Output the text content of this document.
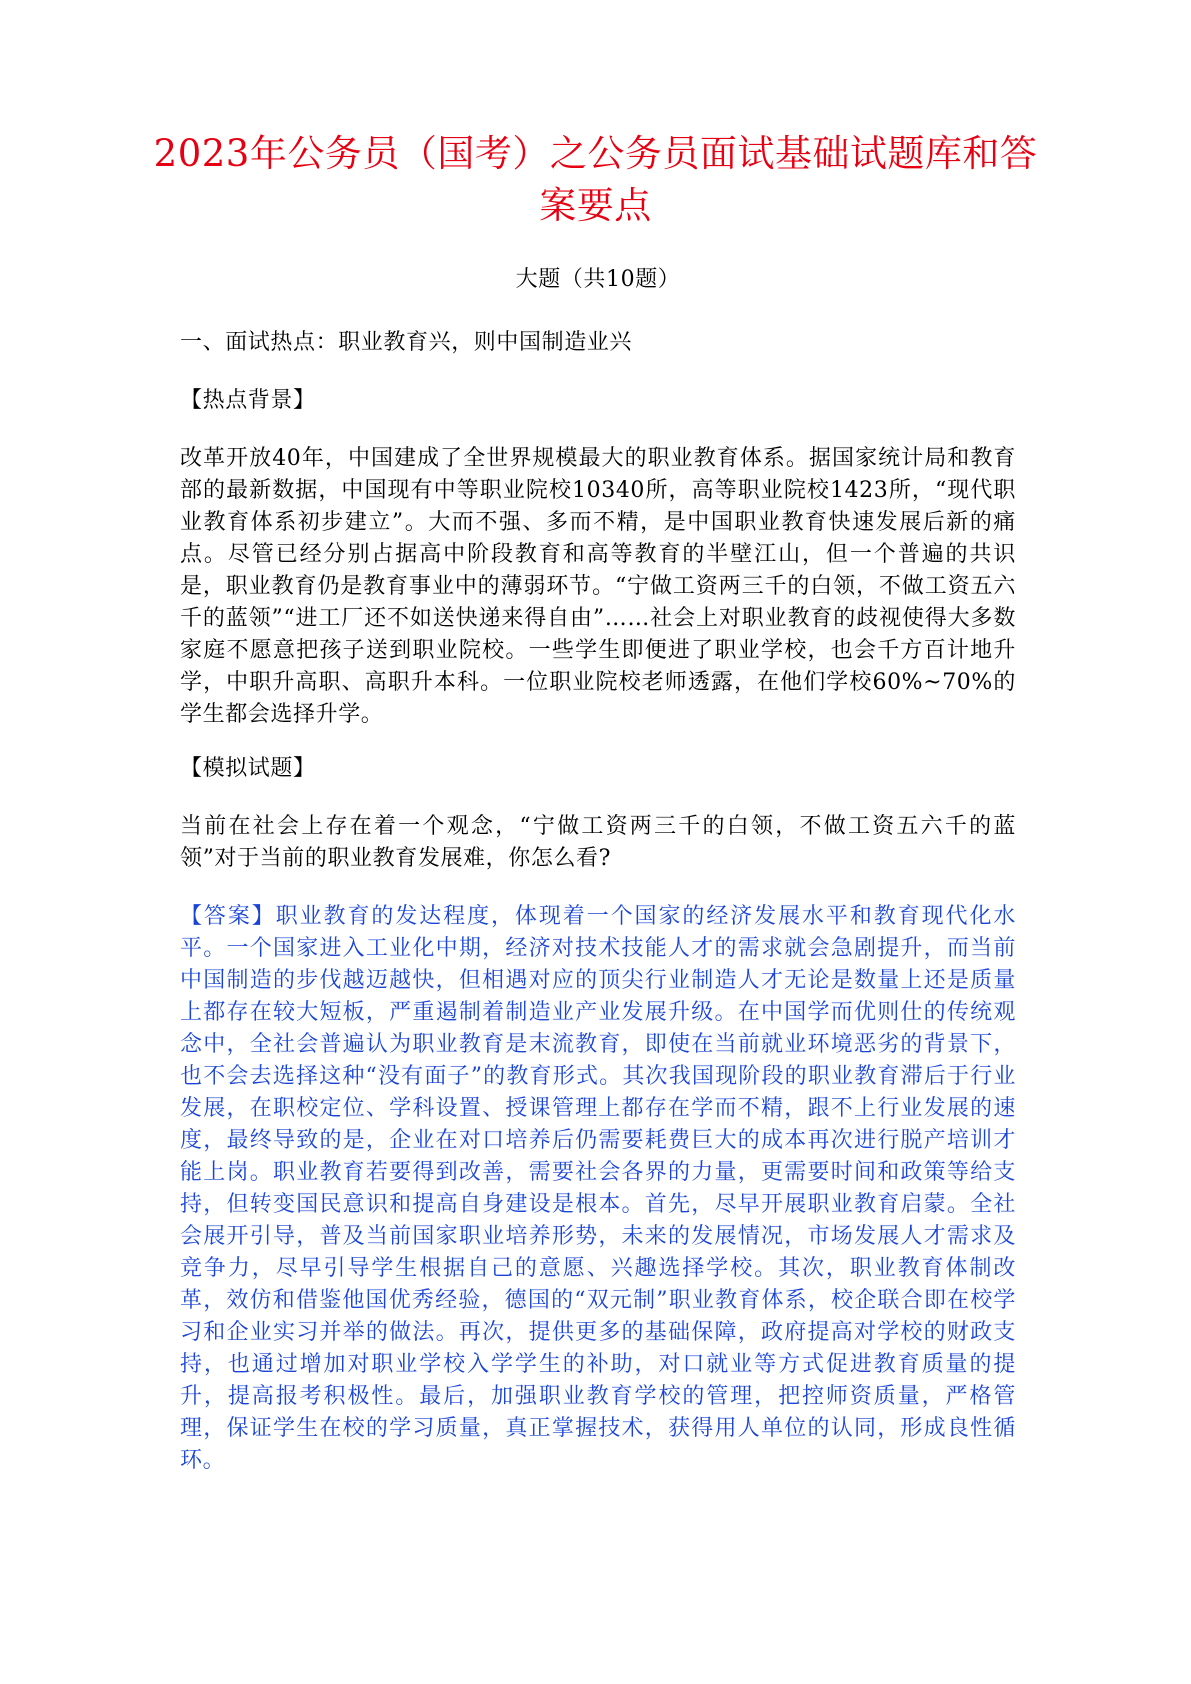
2023年公务员（国考）之公务员面试基础试题库和答案要点
大题（共10题）
一、面试热点：职业教育兴，则中国制造业兴
【热点背景】
改革开放40年，中国建成了全世界规模最大的职业教育体系。据国家统计局和教育部的最新数据，中国现有中等职业院校10340所，高等职业院校1423所，“现代职业教育体系初步建立”。大而不强、多而不精，是中国职业教育快速发展后新的痛点。尽管已经分别占据高中阶段教育和高等教育的半壁江山，但一个普遍的共识是，职业教育仍是教育事业中的薄弱环节。“宁做工资两三千的白领，不做工资五六千的蓝领”“进工厂还不如送快递来得自由”……社会上对职业教育的歧视使得大多数家庭不愿意把孩子送到职业院校。一些学生即便进了职业学校，也会千方百计地升学，中职升高职、高职升本科。一位职业院校老师透露，在他们学校60%~70%的学生都会选择升学。
【模拟试题】
当前在社会上存在着一个观念，“宁做工资两三千的白领，不做工资五六千的蓝领”对于当前的职业教育发展难，你怎么看?
【答案】职业教育的发达程度，体现着一个国家的经济发展水平和教育现代化水平。一个国家进入工业化中期，经济对技术技能人才的需求就会急剧提升，而当前中国制造的步伐越迈越快，但相遇对应的顶尖行业制造人才无论是数量上还是质量上都存在较大短板，严重遏制着制造业产业发展升级。在中国学而优则仕的传统观念中，全社会普遍认为职业教育是末流教育，即使在当前就业环境恶劣的背景下，也不会去选择这种“没有面子”的教育形式。其次我国现阶段的职业教育滞后于行业发展，在职校定位、学科设置、授课管理上都存在学而不精，跟不上行业发展的速度，最终导致的是，企业在对口培养后仍需要耗费巨大的成本再次进行脱产培训才能上岗。职业教育若要得到改善，需要社会各界的力量，更需要时间和政策等给支持，但转变国民意识和提高自身建设是根本。首先，尽早开展职业教育启蒙。全社会展开引导，普及当前国家职业培养形势，未来的发展情况，市场发展人才需求及竞争力，尽早引导学生根据自己的意愿、兴趣选择学校。其次，职业教育体制改革，效仿和借鉴他国优秀经验，德国的“双元制”职业教育体系，校企联合即在校学习和企业实习并举的做法。再次，提供更多的基础保障，政府提高对学校的财政支持，也通过增加对职业学校入学学生的补助，对口就业等方式促进教育质量的提升，提高报考积极性。最后，加强职业教育学校的管理，把控师资质量，严格管理，保证学生在校的学习质量，真正掌握技术，获得用人单位的认同，形成良性循环。
